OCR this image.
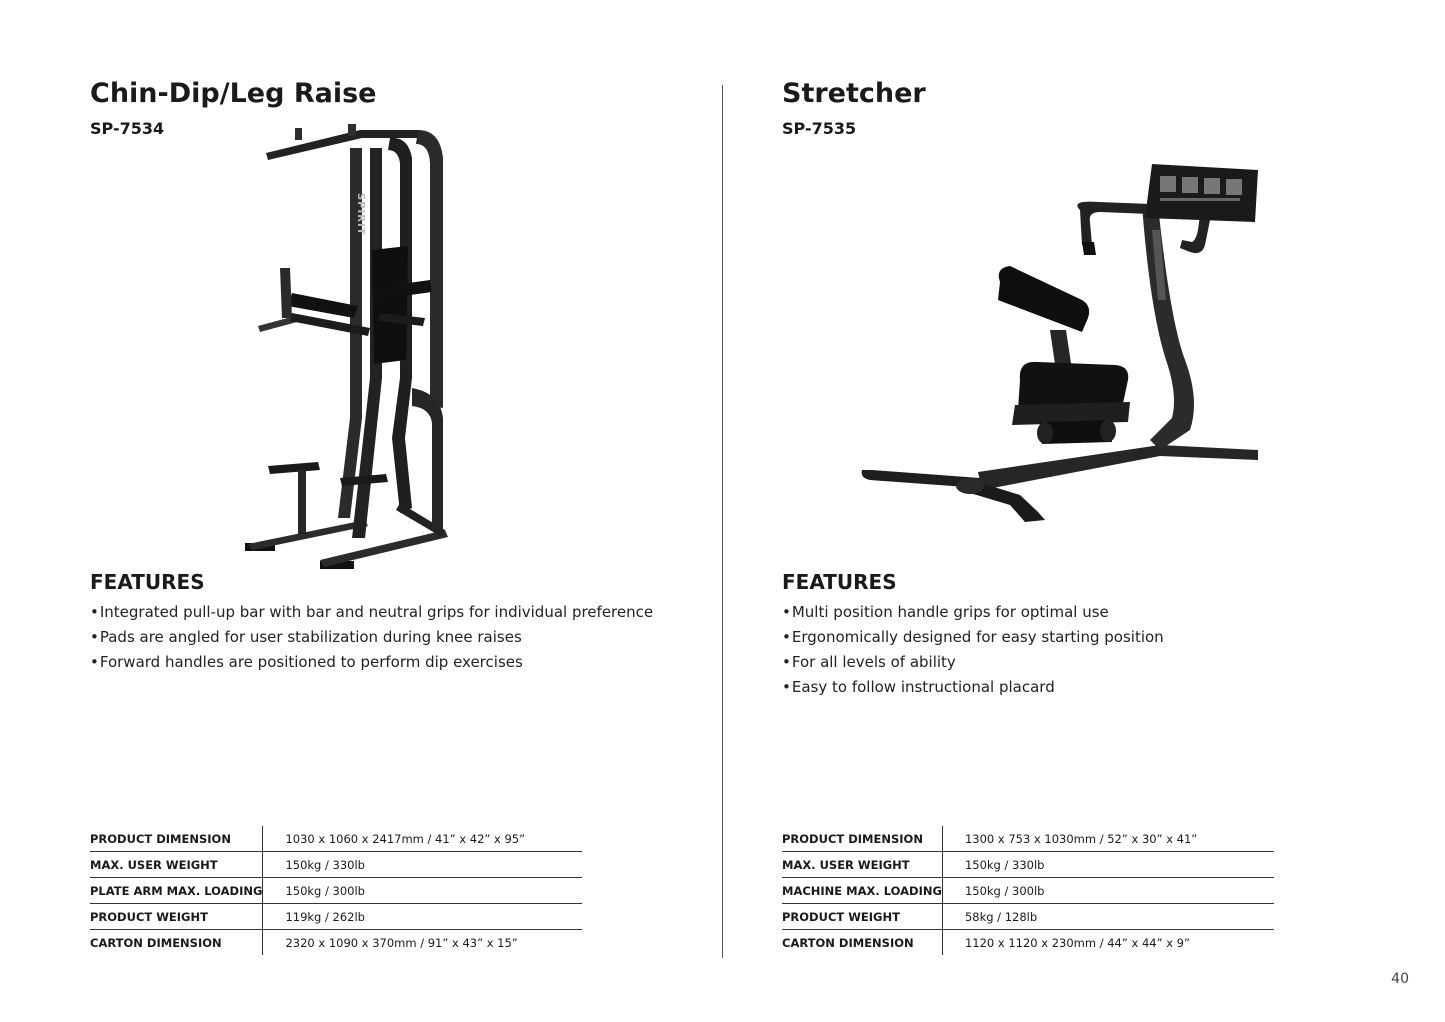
Chin-Dip/Leg Raise
SP-7534
FEATURES
• Integrated pull-up bar with bar and neutral grips for individual preference
• Pads are angled for user stabilization during knee raises
• Forward handles are positioned to perform dip exercises
PRODUCT DIMENSION	1030 x 1060 x 2417mm / 41” x 42” x 95”
MAX. USER WEIGHT	150kg / 330lb
PLATE ARM MAX. LOADING	150kg / 300lb
PRODUCT WEIGHT	119kg / 262lb
CARTON DIMENSION	2320 x 1090 x 370mm / 91” x 43” x 15”
SPIRIT
Stretcher
SP-7535
FEATURES
• Multi position handle grips for optimal use
• Ergonomically designed for easy starting position
• For all levels of ability
• Easy to follow instructional placard
PRODUCT DIMENSION	1300 x 753 x 1030mm / 52” x 30” x 41”
MAX. USER WEIGHT	150kg / 330lb
MACHINE MAX. LOADING	150kg / 300lb
PRODUCT WEIGHT	58kg / 128lb
CARTON DIMENSION	1120 x 1120 x 230mm / 44” x 44” x 9”
40
